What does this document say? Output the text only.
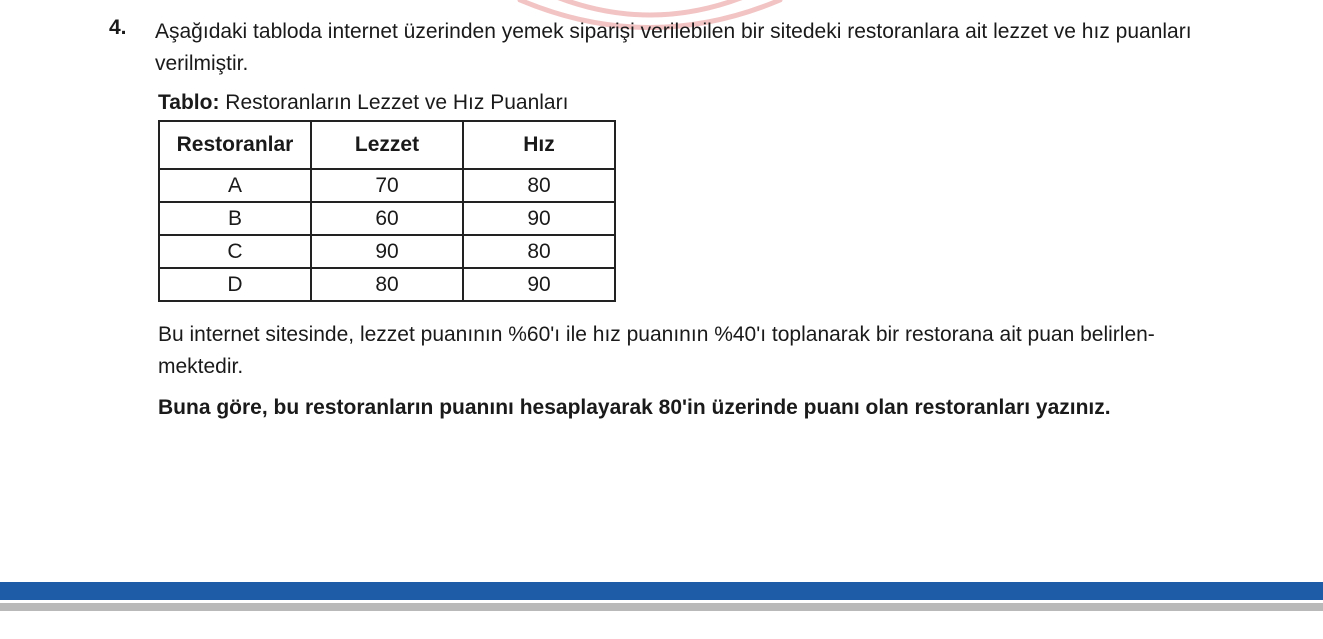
4. Aşağıdaki tabloda internet üzerinden yemek siparişi verilebilen bir sitedeki restoranlara ait lezzet ve hız puanları verilmiştir.
Tablo: Restoranların Lezzet ve Hız Puanları
Restoranlar	Lezzet	Hız
A	70	80
B	60	90
C	90	80
D	80	90
Bu internet sitesinde, lezzet puanının %60'ı ile hız puanının %40'ı toplanarak bir restorana ait puan belirlen-
mektedir.
Buna göre, bu restoranların puanını hesaplayarak 80'in üzerinde puanı olan restoranları yazınız.
